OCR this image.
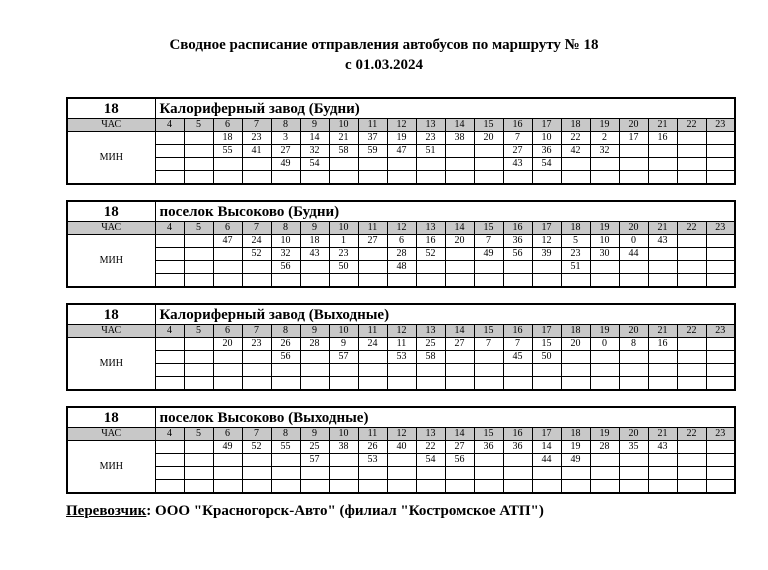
Сводное расписание отправления автобусов по маршруту № 18
с 01.03.2024
18	Калориферный завод (Будни)																			
ЧАС	4	5	6	7	8	9	10	11	12	13	14	15	16	17	18	19	20	21	22	23
МИН			18	23	3	14	21	37	19	23	38	20	7	10	22	2	17	16		
			55	41	27	32	58	59	47	51			27	36	42	32				
					49	54							43	54						

18	поселок Высоково (Будни)																			
ЧАС	4	5	6	7	8	9	10	11	12	13	14	15	16	17	18	19	20	21	22	23
МИН			47	24	10	18	1	27	6	16	20	7	36	12	5	10	0	43		
				52	32	43	23		28	52		49	56	39	23	30	44			
					56		50		48						51					

18	Калориферный завод (Выходные)																			
ЧАС	4	5	6	7	8	9	10	11	12	13	14	15	16	17	18	19	20	21	22	23
МИН			20	23	26	28	9	24	11	25	27	7	7	15	20	0	8	16		
					56		57		53	58			45	50						

18	поселок Высоково (Выходные)																			
ЧАС	4	5	6	7	8	9	10	11	12	13	14	15	16	17	18	19	20	21	22	23
МИН			49	52	55	25	38	26	40	22	27	36	36	14	19	28	35	43		
						57		53		54	56			44	49					

Перевозчик: ООО "Красногорск-Авто" (филиал "Костромское АТП")
